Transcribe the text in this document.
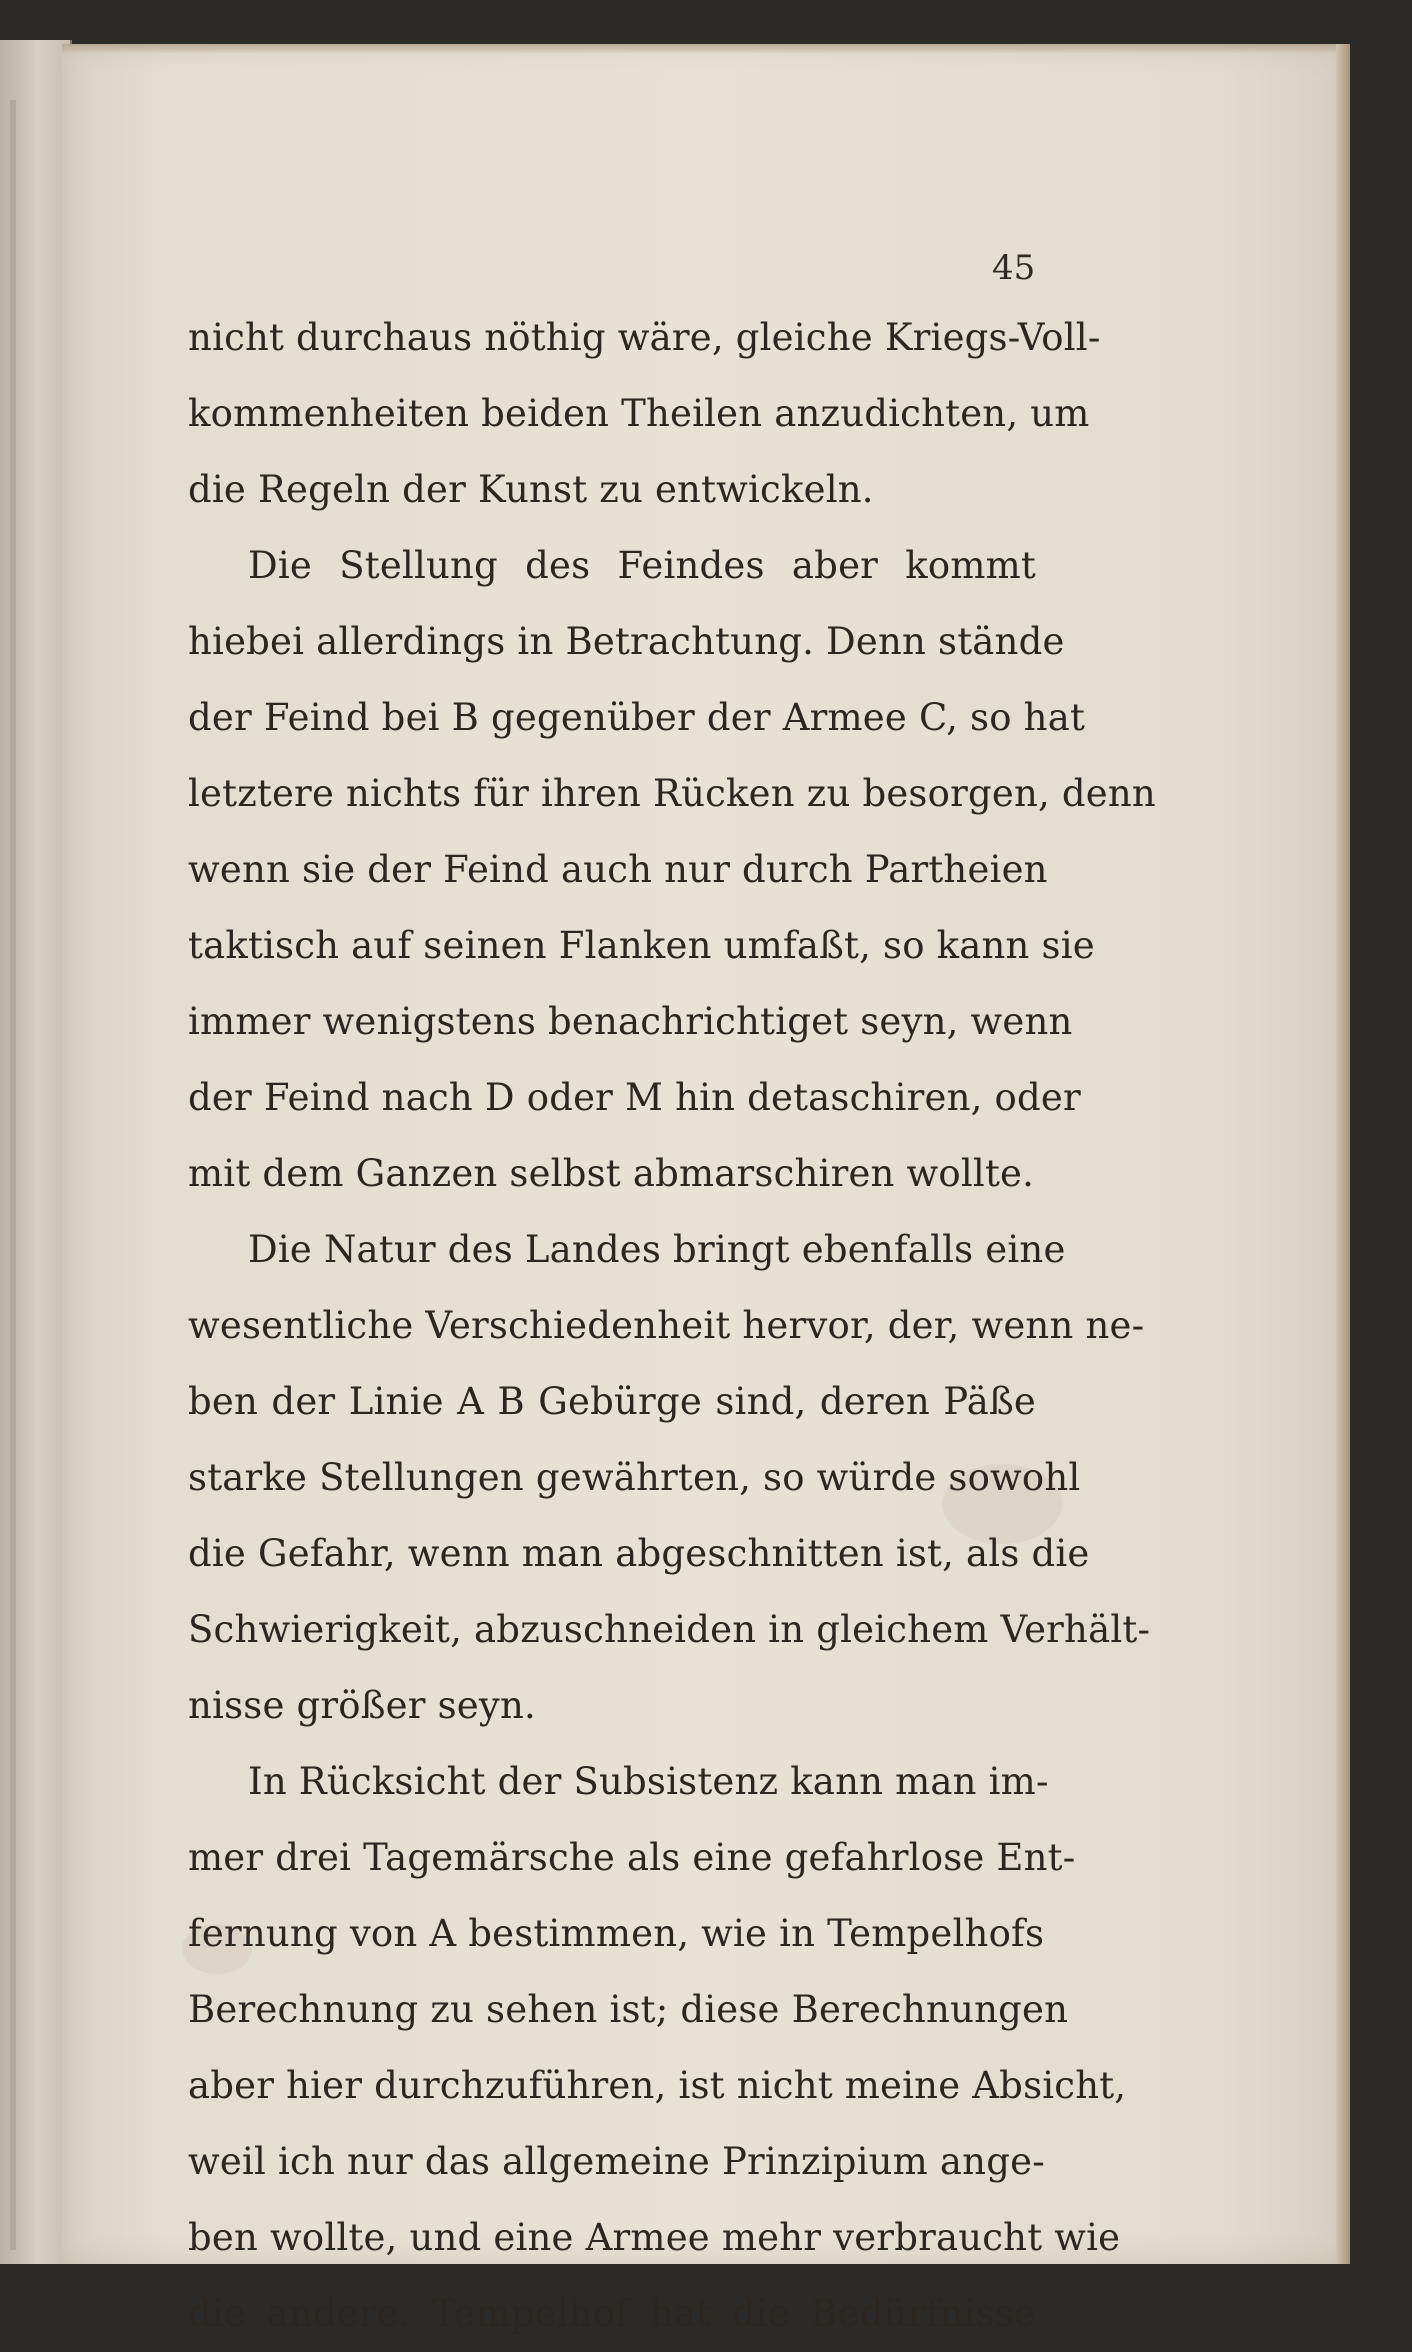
45
nicht durchaus nöthig wäre, gleiche Kriegs-Voll-
kommenheiten beiden Theilen anzudichten, um
die Regeln der Kunst zu entwickeln.
Die Stellung des Feindes aber kommt
hiebei allerdings in Betrachtung. Denn stände
der Feind bei B gegenüber der Armee C, so hat
letztere nichts für ihren Rücken zu besorgen, denn
wenn sie der Feind auch nur durch Partheien
taktisch auf seinen Flanken umfaßt, so kann sie
immer wenigstens benachrichtiget seyn, wenn
der Feind nach D oder M hin detaschiren, oder
mit dem Ganzen selbst abmarschiren wollte.
Die Natur des Landes bringt ebenfalls eine
wesentliche Verschiedenheit hervor, der, wenn ne-
ben der Linie A B Gebürge sind, deren Päße
starke Stellungen gewährten, so würde sowohl
die Gefahr, wenn man abgeschnitten ist, als die
Schwierigkeit, abzuschneiden in gleichem Verhält-
nisse größer seyn.
In Rücksicht der Subsistenz kann man im-
mer drei Tagemärsche als eine gefahrlose Ent-
fernung von A bestimmen, wie in Tempelhofs
Berechnung zu sehen ist; diese Berechnungen
aber hier durchzuführen, ist nicht meine Absicht,
weil ich nur das allgemeine Prinzipium ange-
ben wollte, und eine Armee mehr verbraucht wie
die andere. Tempelhof hat die Bedürfnisse
